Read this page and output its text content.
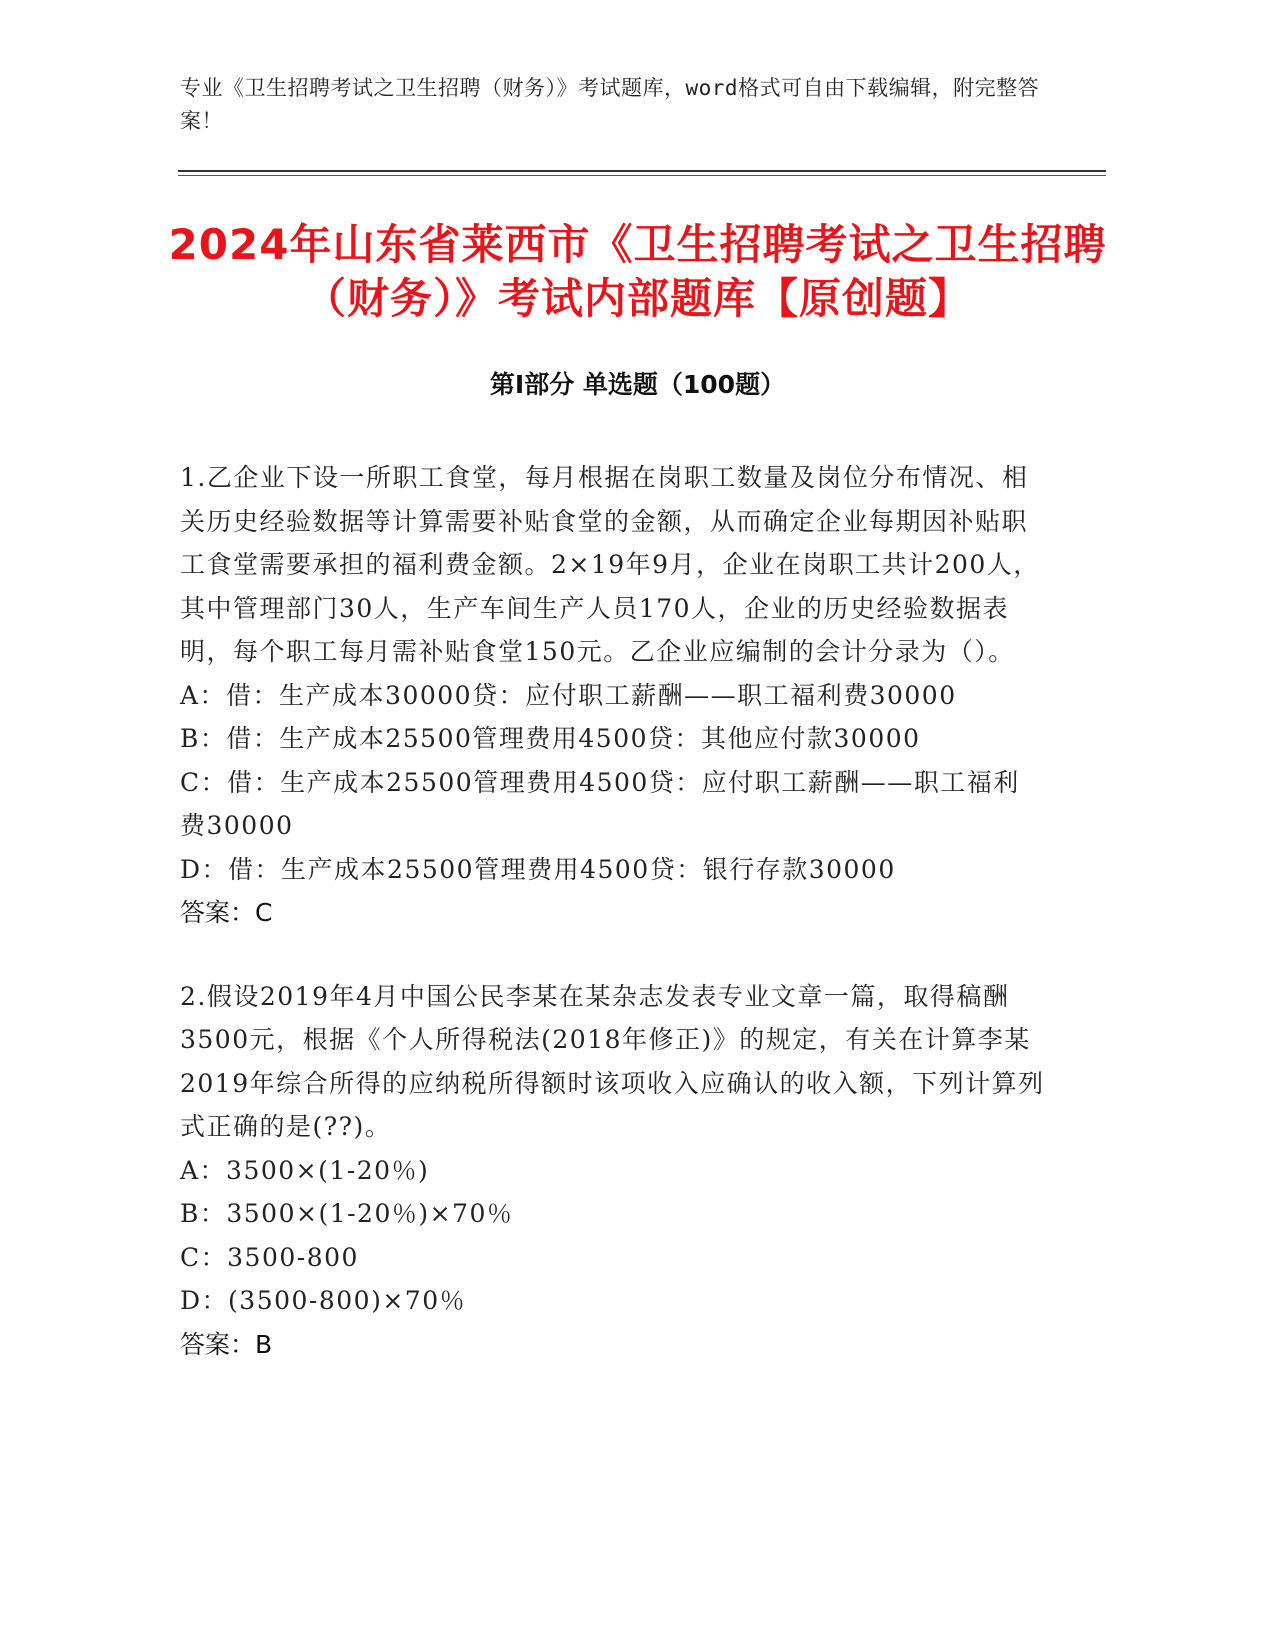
专业《卫生招聘考试之卫生招聘（财务）》考试题库，word格式可自由下载编辑，附完整答案！
2024年山东省莱西市《卫生招聘考试之卫生招聘（财务）》考试内部题库【原创题】
第I部分 单选题（100题）

1.乙企业下设一所职工食堂，每月根据在岗职工数量及岗位分布情况、相关历史经验数据等计算需要补贴食堂的金额，从而确定企业每期因补贴职工食堂需要承担的福利费金额。2×19年9月，企业在岗职工共计200人，其中管理部门30人，生产车间生产人员170人，企业的历史经验数据表明，每个职工每月需补贴食堂150元。乙企业应编制的会计分录为（）。

A：借：生产成本30000贷：应付职工薪酬——职工福利费30000

B：借：生产成本25500管理费用4500贷：其他应付款30000

C：借：生产成本25500管理费用4500贷：应付职工薪酬——职工福利费30000

D：借：生产成本25500管理费用4500贷：银行存款30000

答案：C

2.假设2019年4月中国公民李某在某杂志发表专业文章一篇，取得稿酬3500元，根据《个人所得税法(2018年修正)》的规定，有关在计算李某2019年综合所得的应纳税所得额时该项收入应确认的收入额，下列计算列式正确的是(??)。

A：3500×(1-20％)

B：3500×(1-20％)×70％

C：3500-800

D：(3500-800)×70％

答案：B
